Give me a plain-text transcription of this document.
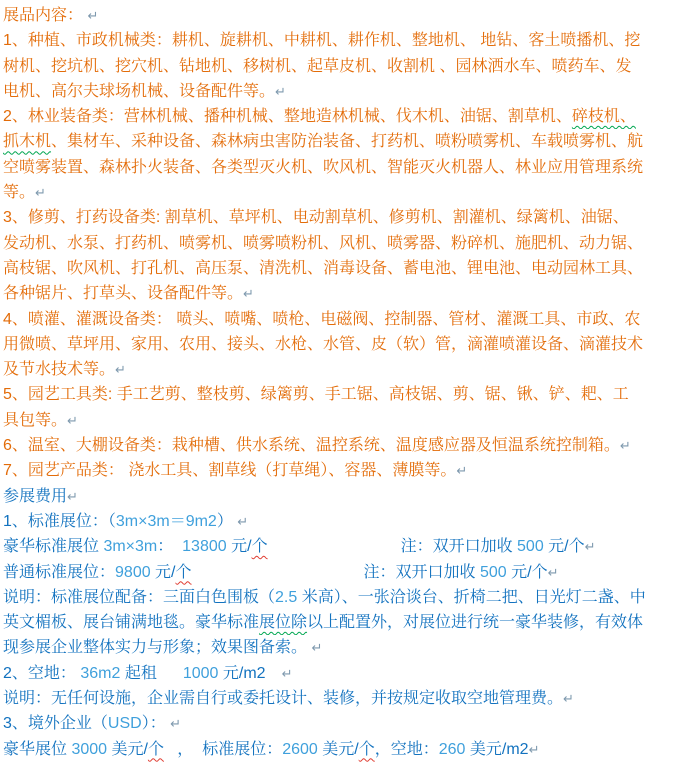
展品内容： ↵
1、种植、市政机械类：耕机、旋耕机、中耕机、耕作机、整地机、 地钻、客土喷播机、挖
树机、挖坑机、挖穴机、钻地机、移树机、起草皮机、收割机 、园林洒水车、喷药车、发
电机、高尔夫球场机械、设备配件等。↵
2、林业装备类：营林机械、播种机械、整地造林机械、伐木机、油锯、割草机、碎枝机、
抓木机、集材车、采种设备、森林病虫害防治装备、打药机、喷粉喷雾机、车载喷雾机、航
空喷雾装置、森林扑火装备、各类型灭火机、吹风机、智能灭火机器人、林业应用管理系统
等。↵
3、修剪、打药设备类: 割草机、草坪机、电动割草机、修剪机、割灌机、绿篱机、油锯、
发动机、水泵、打药机、喷雾机、喷雾喷粉机、风机、喷雾器、粉碎机、施肥机、动力锯、
高枝锯、吹风机、打孔机、高压泵、清洗机、消毒设备、蓄电池、锂电池、电动园林工具、
各种锯片、打草头、设备配件等。↵
4、喷灌、灌溉设备类： 喷头、喷嘴、喷枪、电磁阀、控制器、管材、灌溉工具、市政、农
用微喷、草坪用、家用、农用、接头、水枪、水管、皮（软）管，滴灌喷灌设备、滴灌技术
及节水技术等。↵
5、园艺工具类: 手工艺剪、整枝剪、绿篱剪、手工锯、高枝锯、剪、锯、锹、铲、耙、工
具包等。↵
6、温室、大棚设备类：栽种槽、供水系统、温控系统、温度感应器及恒温系统控制箱。↵
7、园艺产品类： 浇水工具、割草线（打草绳）、容器、薄膜等。↵
参展费用↵
1、标准展位：（3m×3m＝9m2） ↵
豪华标准展位 3m×3m：  13800 元/个	注：双开口加收 500 元/个↵
普通标准展位：9800 元/个	注：双开口加收 500 元/个↵
说明：标准展位配备：三面白色围板（2.5 米高）、一张洽谈台、折椅二把、日光灯二盏、中
英文楣板、展台铺满地毯。豪华标准展位除以上配置外，对展位进行统一豪华装修，有效体
现参展企业整体实力与形象；效果图备索。 ↵
2、空地： 36m2 起租 1000 元/m2 ↵
说明：无任何设施，企业需自行或委托设计、装修，并按规定收取空地管理费。↵
3、境外企业（USD）： ↵
豪华展位 3000 美元/个   ，  标准展位：2600 美元/个，空地：260 美元/m2↵
